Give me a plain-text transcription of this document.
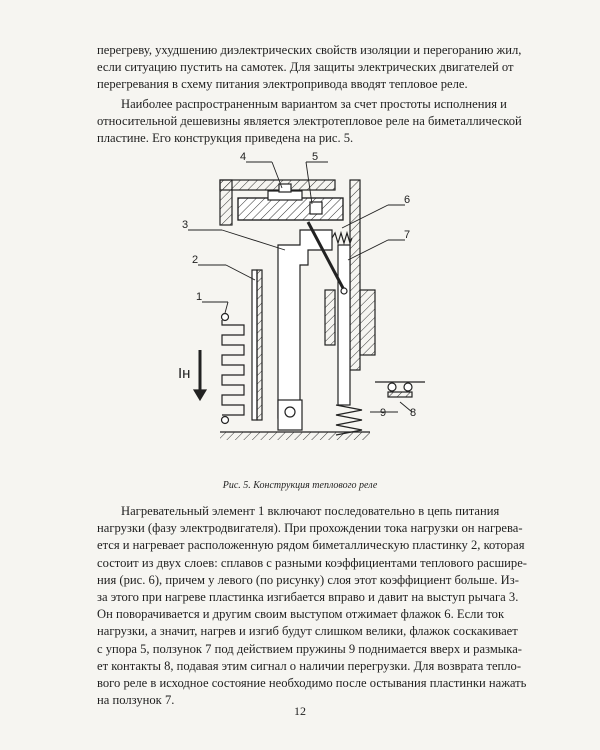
перегреву, ухудшению диэлектрических свойств изоляции и перегоранию жил,
если ситуацию пустить на самотек. Для защиты электрических двигателей от
перегревания в схему питания электропривода вводят тепловое реле.
Наиболее распространенным вариантом за счет простоты исполнения и
относительной дешевизны является электротепловое реле на биметаллической
пластине. Его конструкция приведена на рис. 5.
1
2
3
4	5
6
7
8
9
Iн
Рис. 5. Конструкция теплового реле
Нагревательный элемент 1 включают последовательно в цепь питания
нагрузки (фазу электродвигателя). При прохождении тока нагрузки он нагрева-
ется и нагревает расположенную рядом биметаллическую пластинку 2, которая
состоит из двух слоев: сплавов с разными коэффициентами теплового расшире-
ния (рис. 6), причем у левого (по рисунку) слоя этот коэффициент больше. Из-
за этого при нагреве пластинка изгибается вправо и давит на выступ рычага 3.
Он поворачивается и другим своим выступом отжимает флажок 6. Если ток
нагрузки, а значит, нагрев и изгиб будут слишком велики, флажок соскакивает
с упора 5, ползунок 7 под действием пружины 9 поднимается вверх и размыка-
ет контакты 8, подавая этим сигнал о наличии перегрузки. Для возврата тепло-
вого реле в исходное состояние необходимо после остывания пластинки нажать
на ползунок 7.
12
